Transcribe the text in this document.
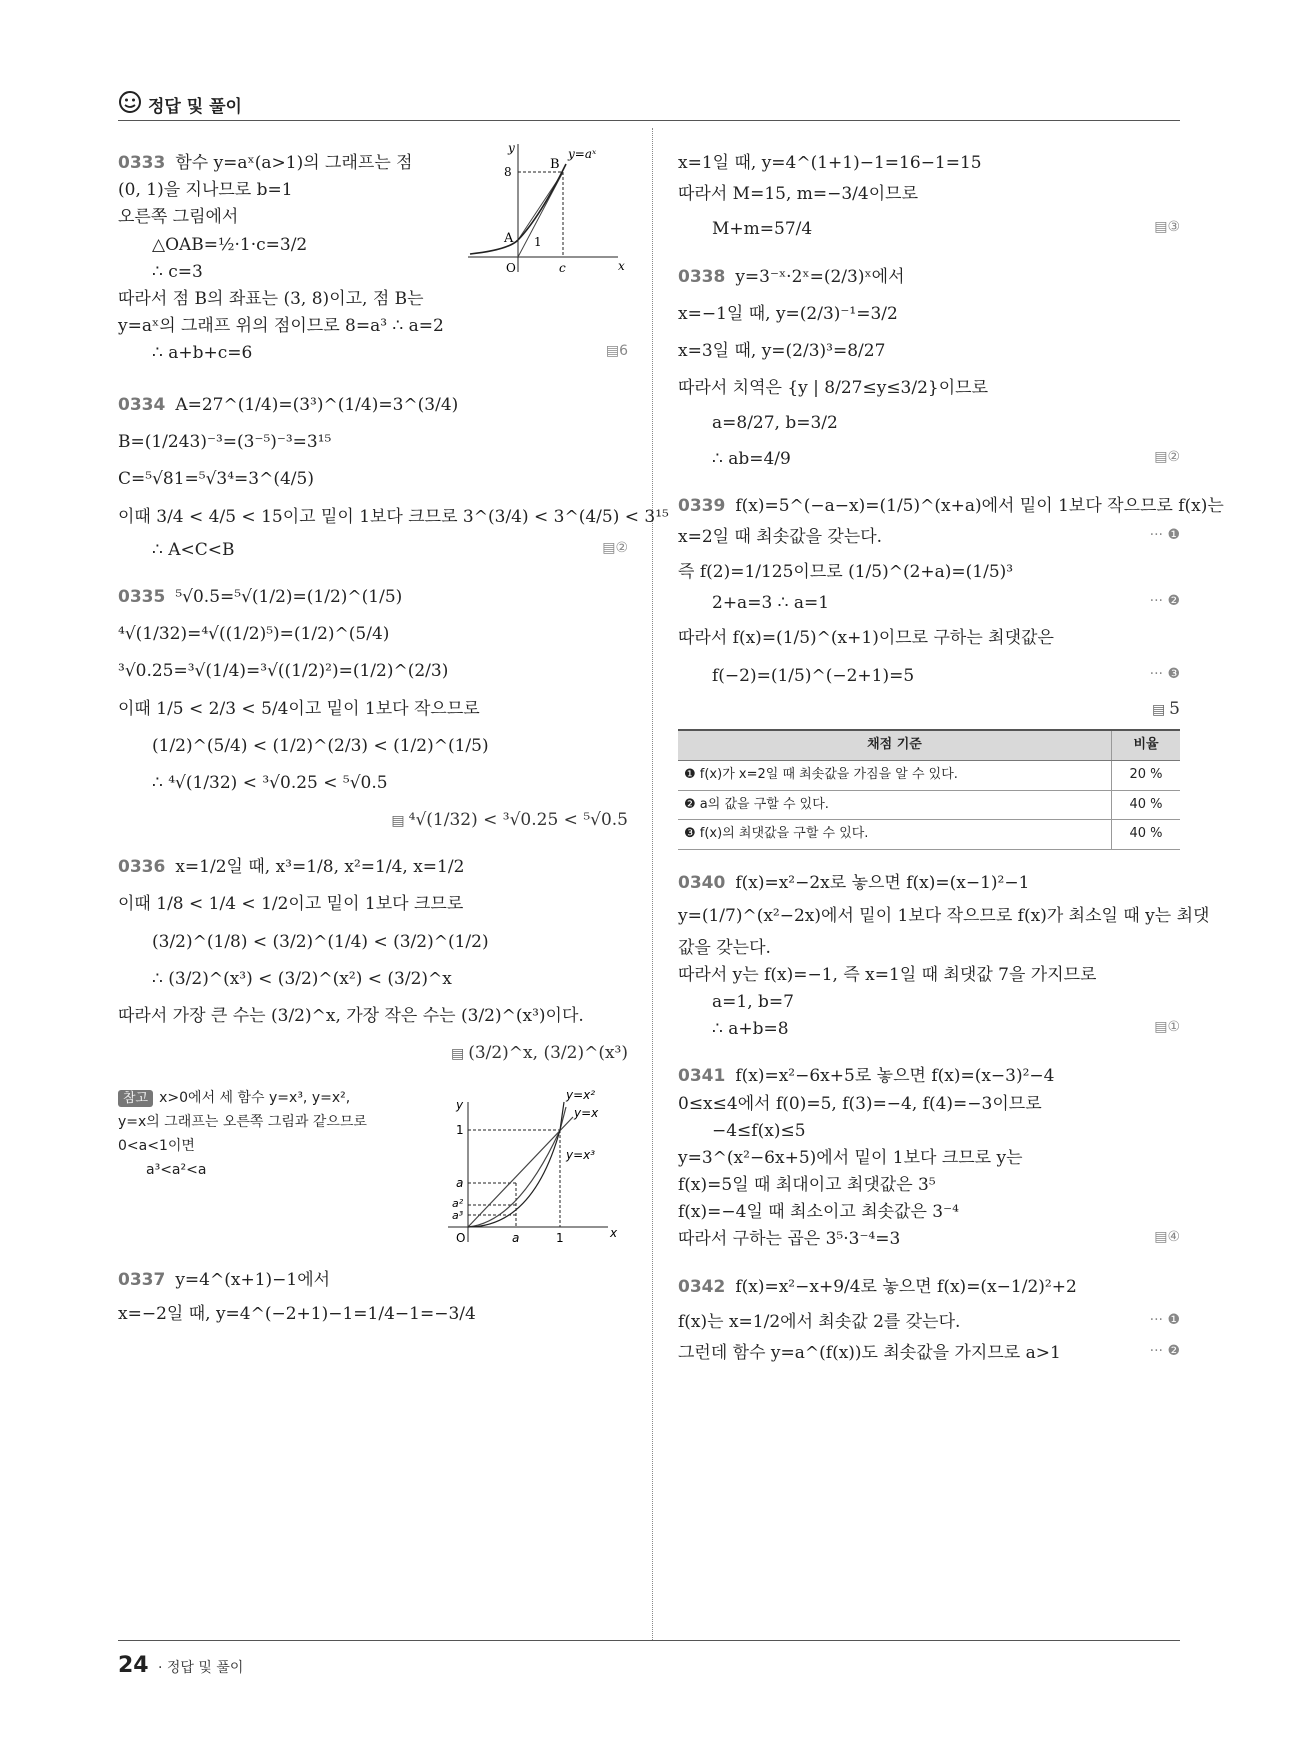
정답 및 풀이
0333 함수 y=aˣ(a>1)의 그래프는 점
(0, 1)을 지나므로 b=1
오른쪽 그림에서
△OAB=½·1·c=3/2
∴ c=3
따라서 점 B의 좌표는 (3, 8)이고, 점 B는
y=aˣ의 그래프 위의 점이므로 8=a³ ∴ a=2
∴ a+b+c=6	▤6
y
x
8	B
A
O	c
1
y=aˣ
0334 A=27^(1/4)=(3³)^(1/4)=3^(3/4)
B=(1/243)⁻³=(3⁻⁵)⁻³=3¹⁵
C=⁵√81=⁵√3⁴=3^(4/5)
이때 3/4 < 4/5 < 15이고 밑이 1보다 크므로 3^(3/4) < 3^(4/5) < 3¹⁵
∴ A<C<B	▤②
0335 ⁵√0.5=⁵√(1/2)=(1/2)^(1/5)
⁴√(1/32)=⁴√((1/2)⁵)=(1/2)^(5/4)
³√0.25=³√(1/4)=³√((1/2)²)=(1/2)^(2/3)
이때 1/5 < 2/3 < 5/4이고 밑이 1보다 작으므로
(1/2)^(5/4) < (1/2)^(2/3) < (1/2)^(1/5)
∴ ⁴√(1/32) < ³√0.25 < ⁵√0.5
▤ ⁴√(1/32) < ³√0.25 < ⁵√0.5
0336 x=1/2일 때, x³=1/8, x²=1/4, x=1/2
이때 1/8 < 1/4 < 1/2이고 밑이 1보다 크므로
(3/2)^(1/8) < (3/2)^(1/4) < (3/2)^(1/2)
∴ (3/2)^(x³) < (3/2)^(x²) < (3/2)^x
따라서 가장 큰 수는 (3/2)^x, 가장 작은 수는 (3/2)^(x³)이다.
▤ (3/2)^x, (3/2)^(x³)
참고 x>0에서 세 함수 y=x³, y=x²,
y=x의 그래프는 오른쪽 그림과 같으므로
0<a<1이면
a³<a²<a
y
x
1
a
a²
a³
O	a	1
y=x²
y=x
y=x³
0337 y=4^(x+1)−1에서
x=−2일 때, y=4^(−2+1)−1=1/4−1=−3/4
x=1일 때, y=4^(1+1)−1=16−1=15
따라서 M=15, m=−3/4이므로
M+m=57/4	▤③
0338 y=3⁻ˣ·2ˣ=(2/3)ˣ에서
x=−1일 때, y=(2/3)⁻¹=3/2
x=3일 때, y=(2/3)³=8/27
따라서 치역은 {y | 8/27≤y≤3/2}이므로
a=8/27, b=3/2
∴ ab=4/9	▤②
0339 f(x)=5^(−a−x)=(1/5)^(x+a)에서 밑이 1보다 작으므로 f(x)는
x=2일 때 최솟값을 갖는다.	··· ❶
즉 f(2)=1/125이므로 (1/5)^(2+a)=(1/5)³
2+a=3 ∴ a=1	··· ❷
따라서 f(x)=(1/5)^(x+1)이므로 구하는 최댓값은
f(−2)=(1/5)^(−2+1)=5	··· ❸
▤ 5
채점 기준	비율
❶ f(x)가 x=2일 때 최솟값을 가짐을 알 수 있다.	20 %
❷ a의 값을 구할 수 있다.	40 %
❸ f(x)의 최댓값을 구할 수 있다.	40 %
0340 f(x)=x²−2x로 놓으면 f(x)=(x−1)²−1
y=(1/7)^(x²−2x)에서 밑이 1보다 작으므로 f(x)가 최소일 때 y는 최댓
값을 갖는다.
따라서 y는 f(x)=−1, 즉 x=1일 때 최댓값 7을 가지므로
a=1, b=7
∴ a+b=8	▤①
0341 f(x)=x²−6x+5로 놓으면 f(x)=(x−3)²−4
0≤x≤4에서 f(0)=5, f(3)=−4, f(4)=−3이므로
−4≤f(x)≤5
y=3^(x²−6x+5)에서 밑이 1보다 크므로 y는
f(x)=5일 때 최대이고 최댓값은 3⁵
f(x)=−4일 때 최소이고 최솟값은 3⁻⁴
따라서 구하는 곱은 3⁵·3⁻⁴=3	▤④
0342 f(x)=x²−x+9/4로 놓으면 f(x)=(x−1/2)²+2
f(x)는 x=1/2에서 최솟값 2를 갖는다.	··· ❶
그런데 함수 y=a^(f(x))도 최솟값을 가지므로 a>1	··· ❷
24 · 정답 및 풀이
